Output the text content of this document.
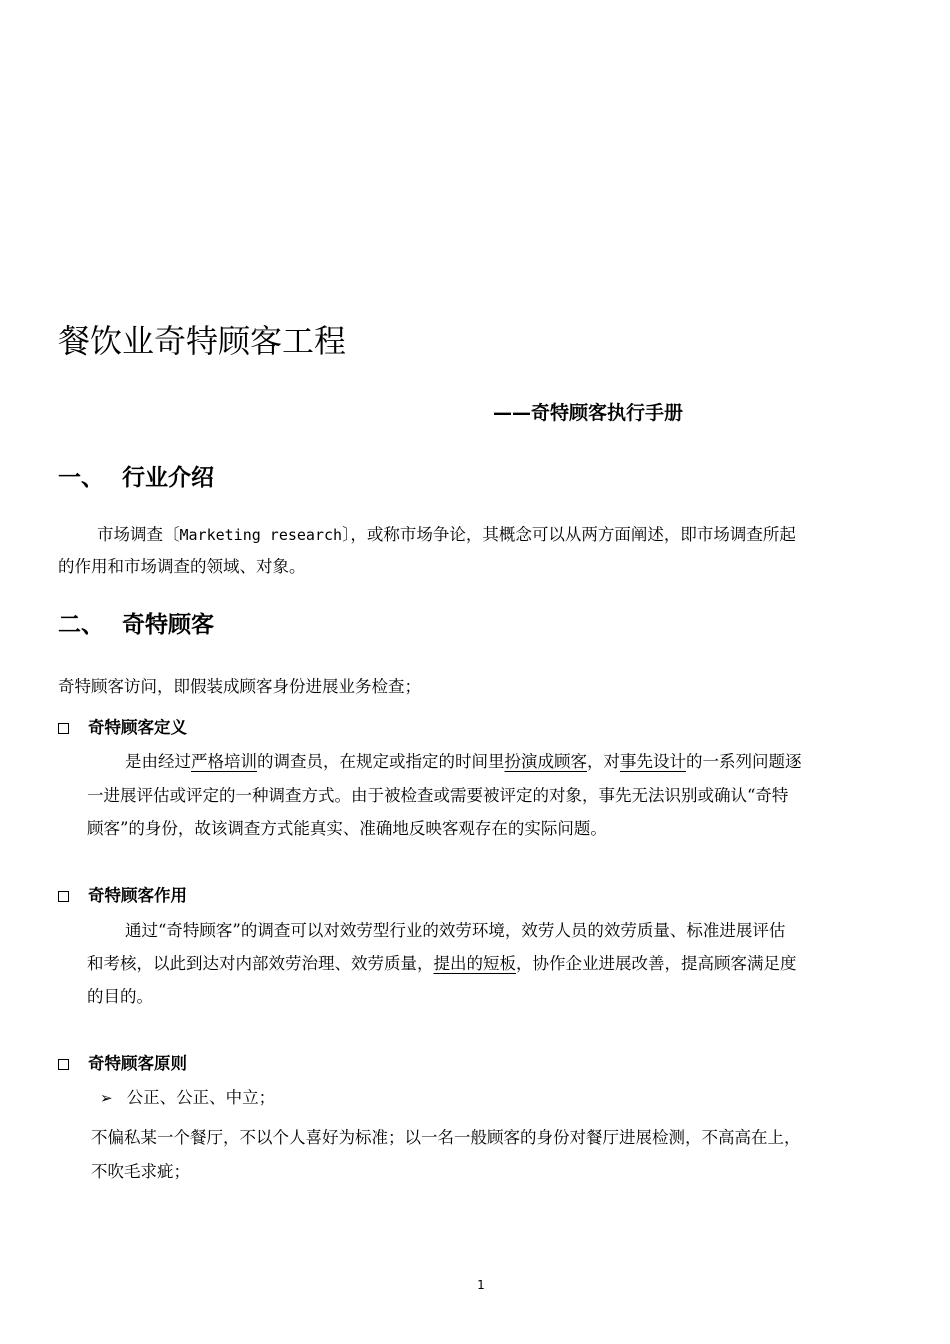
餐饮业奇特顾客工程
——奇特顾客执行手册
一、 行业介绍
市场调查〔Marketing research〕，或称市场争论，其概念可以从两方面阐述，即市场调查所起
的作用和市场调查的领域、对象。
二、 奇特顾客
奇特顾客访问，即假装成顾客身份进展业务检查；
奇特顾客定义
是由经过严格培训的调查员，在规定或指定的时间里扮演成顾客，对事先设计的一系列问题逐
一进展评估或评定的一种调查方式。由于被检查或需要被评定的对象，事先无法识别或确认“奇特
顾客”的身份，故该调查方式能真实、准确地反映客观存在的实际问题。
奇特顾客作用
通过“奇特顾客”的调查可以对效劳型行业的效劳环境，效劳人员的效劳质量、标准进展评估
和考核，以此到达对内部效劳治理、效劳质量，提出的短板，协作企业进展改善，提高顾客满足度
的目的。
奇特顾客原则
➢ 公正、公正、中立；
不偏私某一个餐厅，不以个人喜好为标准；以一名一般顾客的身份对餐厅进展检测，不高高在上，
不吹毛求疵；
1
